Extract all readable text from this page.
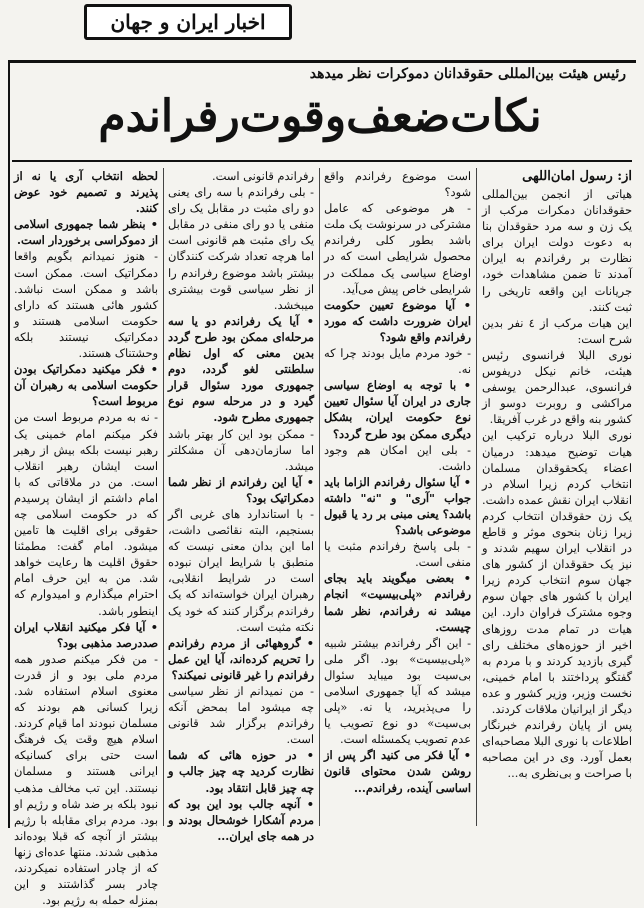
اخبار ایران و جهان
رئیس هیئت بین‌المللی حقوقدانان دموکرات نظر میدهد
نکات‌ضعف‌وقوت‌رفراندم

از: رسول امان‌اللهی

هیاتی از انجمن بین‌المللی حقوقدانان دمکرات مرکب از یک زن و سه مرد حقوقدان بنا به دعوت دولت ایران برای نظارت بر رفراندم به ایران آمدند تا ضمن مشاهدات خود، جریانات این واقعه تاریخی را ثبت کنند.
این هیات مرکب از ٤ نفر بدین شرح است:
نوری البلا فرانسوی رئیس هیئت، خانم نیکل دریفوس فرانسوی، عبدالرحمن یوسفی مراکشی و روبرت دوسو از کشور بنه واقع در غرب آفریقا.
نوری البلا درباره ترکیب این هیات توضیح میدهد: درمیان اعضاء یکحقوقدان مسلمان انتخاب کردم زیرا اسلام در انقلاب ایران نقش عمده داشت. یک زن حقوقدان انتخاب کردم زیرا زنان بنحوی موثر و قاطع در انقلاب ایران سهیم شدند و نیز یک حقوقدان از کشور های جهان سوم انتخاب کردم زیرا ایران با کشور های جهان سوم وجوه مشترک فراوان دارد. این هیات در تمام مدت روزهای اخیر از حوزه‌های مختلف رای گیری بازدید کردند و با مردم به گفتگو پرداختند با امام خمینی، نخست وزیر، وزیر کشور و عده دیگر از ایرانیان ملاقات کردند.
پس از پایان رفراندم خبرنگار اطلاعات با نوری البلا مصاحبه‌ای بعمل آورد. وی در این مصاحبه با صراحت و بی‌نظری به...

است موضوع رفراندم واقع شود؟
- هر موضوعی که عامل مشترکی در سرنوشت یک ملت باشد بطور کلی رفراندم محصول شرایطی است که در اوضاع سیاسی یک مملکت در شرایطی خاص پیش می‌آید.

• آیا موضوع تعیین حکومت ایران ضرورت داشت که مورد رفراندم واقع شود؟

- خود مردم مایل بودند چرا که نه.

• با توجه به اوضاع سیاسی جاری در ایران آیا سئوال تعیین نوع حکومت ایران، بشکل دیگری ممکن بود طرح گردد؟

- بلی این امکان هم وجود داشت.

• آیا سئوال رفراندم الزاما باید جواب "آری" و "نه" داشته باشد؟ یعنی مبنی بر رد یا قبول موضوعی باشد؟

- بلی پاسخ رفراندم مثبت یا منفی است.

• بعضی میگویند باید بجای رفراندم «پلی‌بیسیت» انجام میشد نه رفراندم، نظر شما چیست.

- این اگر رفراندم بیشتر شبیه «پلی‌بیسیت» بود. اگر ملی بی‌سیت بود میباید سئوال میشد که آیا جمهوری اسلامی را می‌پذیرید، یا نه. «پلی بی‌سیت» دو نوع تصویب یا عدم تصویب یکمسئله است.

• آیا فکر می کنید اگر پس از روشن شدن محتوای قانون اساسی آینده، رفراندم...

رفراندم قانونی است.

- بلی رفراندم با سه رای یعنی دو رای مثبت در مقابل یک رای منفی یا دو رای منفی در مقابل یک رای مثبت هم قانونی است اما هرچه تعداد شرکت کنندگان بیشتر باشد موضوع رفراندم را از نظر سیاسی قوت بیشتری میبخشد.

• آیا یک رفراندم دو یا سه مرحله‌ای ممکن بود طرح گردد بدین معنی که اول نظام سلطنتی لغو گردد، دوم جمهوری مورد سئوال قرار گیرد و در مرحله سوم نوع جمهوری مطرح شود.

- ممکن بود این کار بهتر باشد اما سازمان‌دهی آن مشکلتر میشد.

• آیا این رفراندم از نظر شما دمکراتیک بود؟

- با استاندارد های غربی اگر بسنجیم، البته نقائصی داشت، اما این بدان معنی نیست که منطبق با شرایط ایران نبوده است در شرایط انقلابی، رهبران ایران خواسته‌اند که یک رفراندم برگزار کنند که خود یک نکته مثبت است.

• گروههائی از مردم رفراندم را تحریم کرده‌اند، آیا این عمل رفراندم را غیر قانونی نمیکند؟

- من نمیدانم از نظر سیاسی چه میشود اما بمحض آنکه رفراندم برگزار شد قانونی است.

• در حوزه هائی که شما نظارت کردید چه چیز جالب و چه چیز قابل انتقاد بود.

• آنچه جالب بود این بود که مردم آشکارا خوشحال بودند و در همه جای ایران...

لحظه انتخاب آری یا نه از پذیرند و تصمیم خود عوض کنند.

• بنظر شما جمهوری اسلامی از دموکراسی برخوردار است.

- هنوز نمیدانم بگویم واقعا دمکراتیک است. ممکن است باشد و ممکن است نباشد. کشور هائی هستند که دارای حکومت اسلامی هستند و دمکراتیک نیستند بلکه وحشتناک هستند.

• فکر میکنید دمکراتیک بودن حکومت اسلامی به رهبران آن مربوط است؟

- نه به مردم مربوط است من فکر میکنم امام خمینی یک رهبر نیست بلکه بیش از رهبر است ایشان رهبر انقلاب است. من در ملاقاتی که با امام داشتم از ایشان پرسیدم که در حکومت اسلامی چه حقوقی برای اقلیت ها تامین میشود. امام گفت: مطمئنا حقوق اقلیت ها رعایت خواهد شد. من به این حرف امام احترام میگذارم و امیدوارم که اینطور باشد.

• آیا فکر میکنید انقلاب ایران صددرصد مذهبی بود؟

- من فکر میکنم صدور همه مردم ملی بود و از قدرت معنوی اسلام استفاده شد. زیرا کسانی هم بودند که مسلمان نبودند اما قیام کردند. اسلام هیچ وقت یک فرهنگ است حتی برای کسانیکه ایرانی هستند و مسلمان نیستند. این تب مخالف مذهب نبود بلکه بر ضد شاه و رژیم او بود. مردم برای مقابله با رژیم بیشتر از آنچه که قبلا بوده‌اند مذهبی شدند. منتها عده‌ای زنها که از چادر استفاده نمیکردند، چادر بسر گذاشتند و این بمنزله حمله به رژیم بود.
